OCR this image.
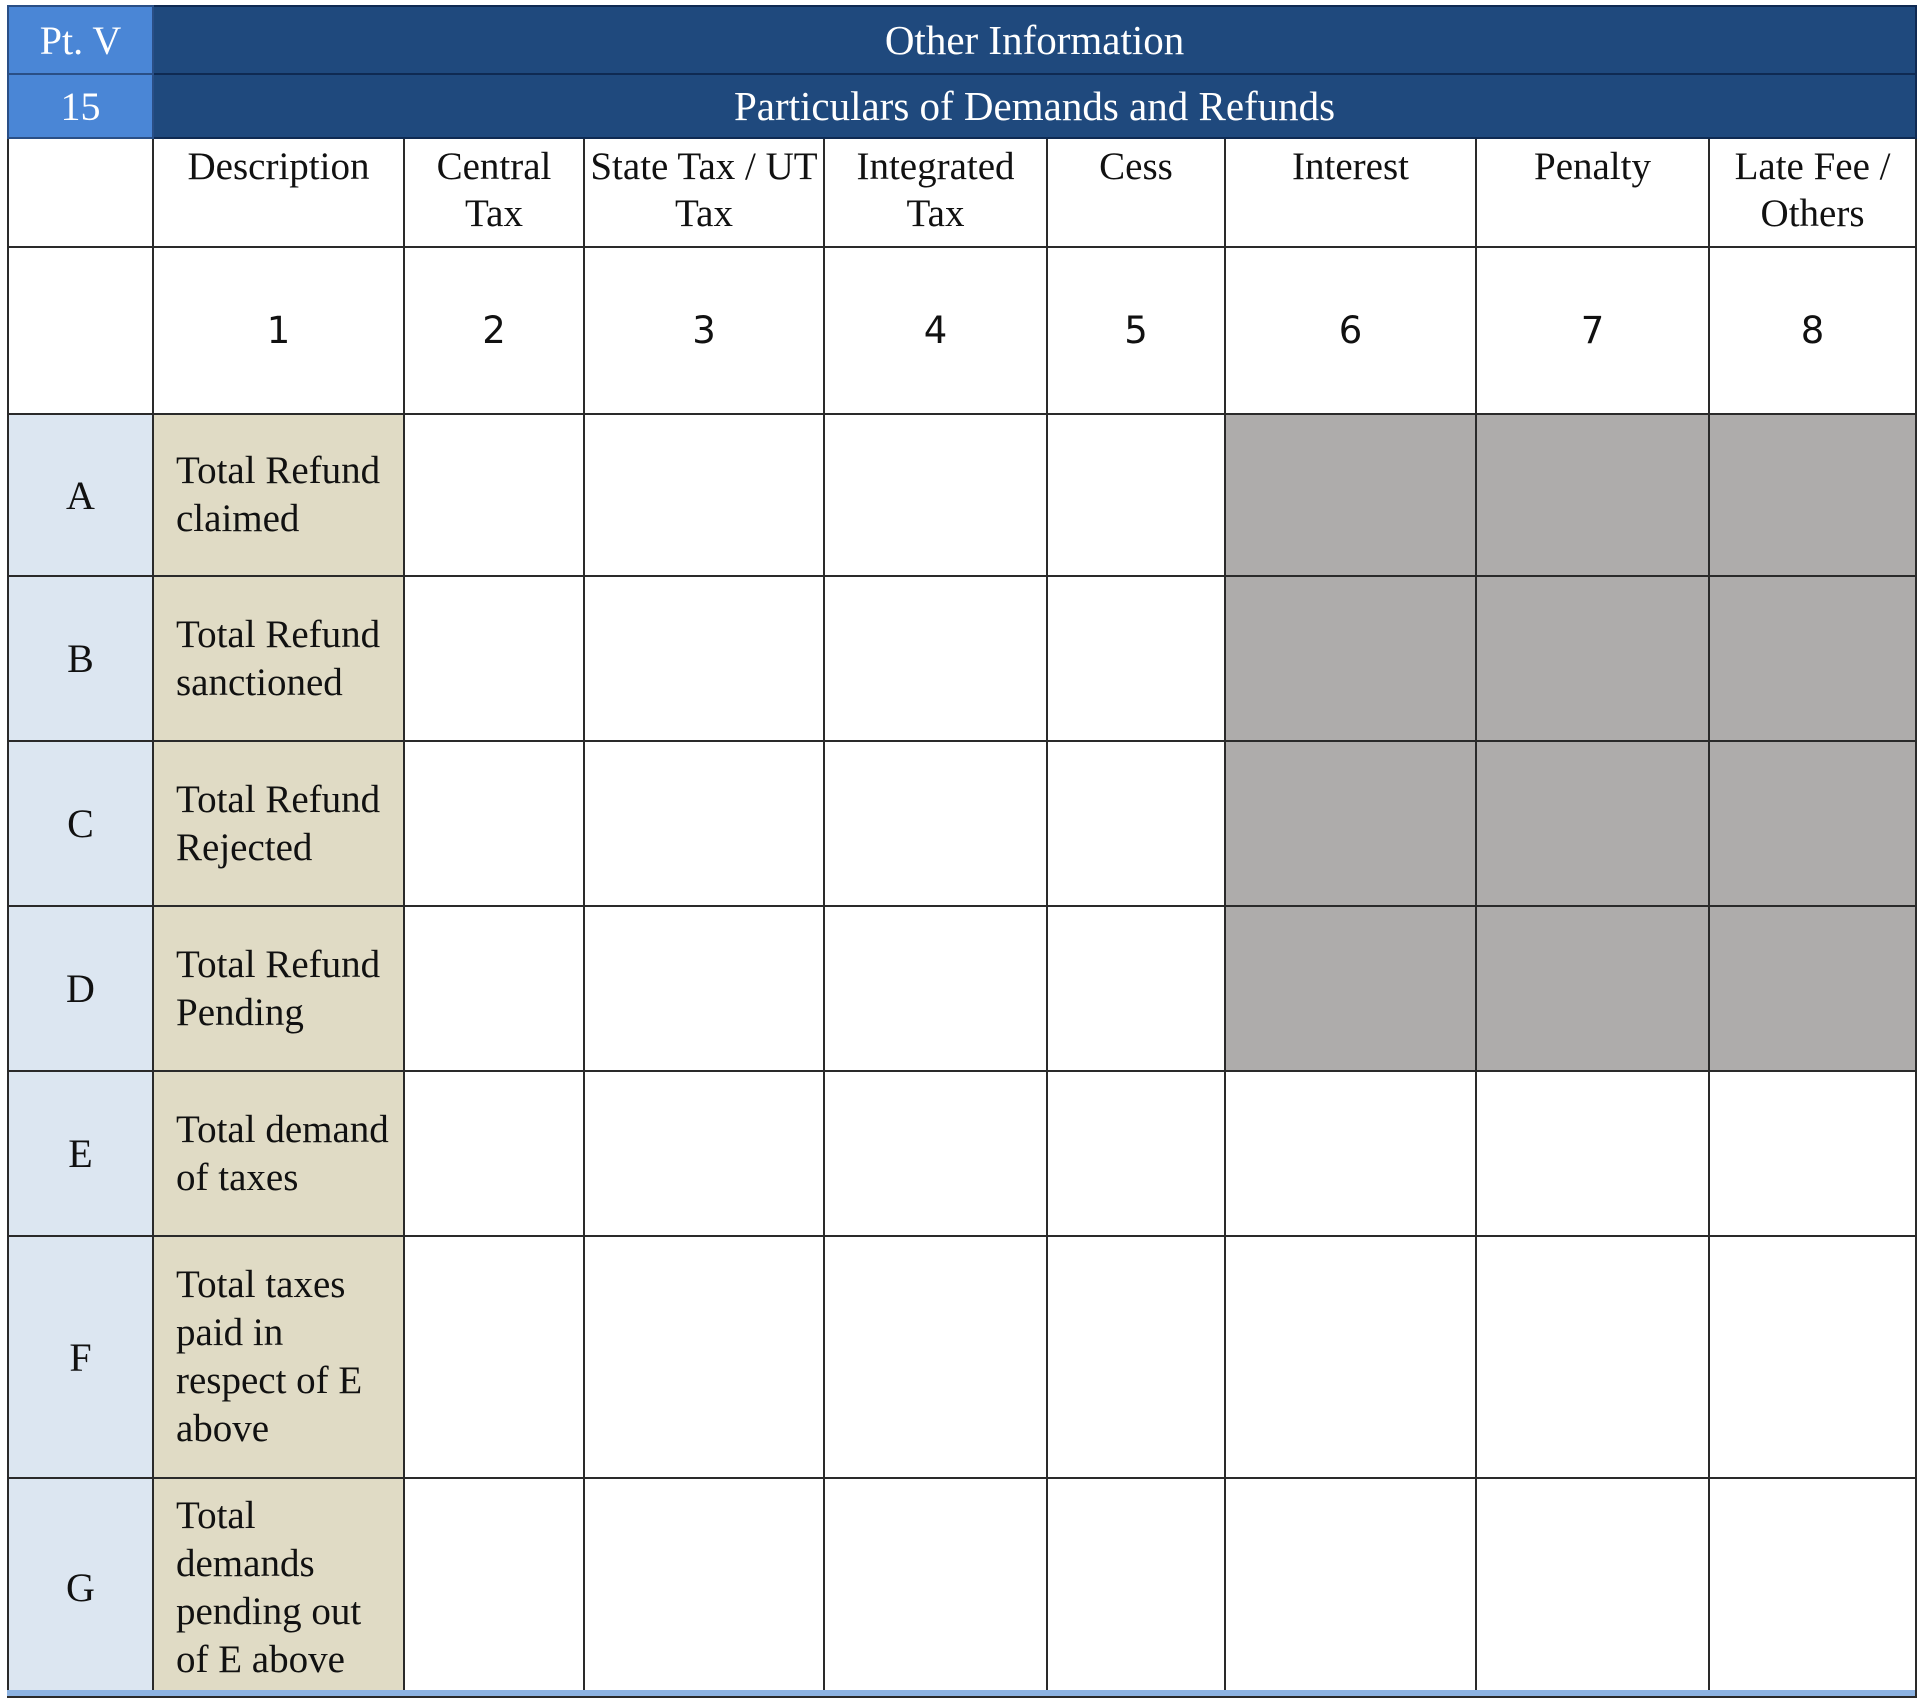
Pt. V	Other Information							

15	Particulars of Demands and Refunds							
	Description	Central Tax	State Tax / UT Tax	Integrated Tax	Cess	Interest	Penalty	Late Fee / Others
	1	2	3	4	5	6	7	8
A	Total Refund claimed							
B	Total Refund sanctioned							
C	Total Refund Rejected							
D	Total Refund Pending							
E	Total demand of taxes							
F	Total taxes paid in respect of E above							
G	Total demands pending out of E above							
